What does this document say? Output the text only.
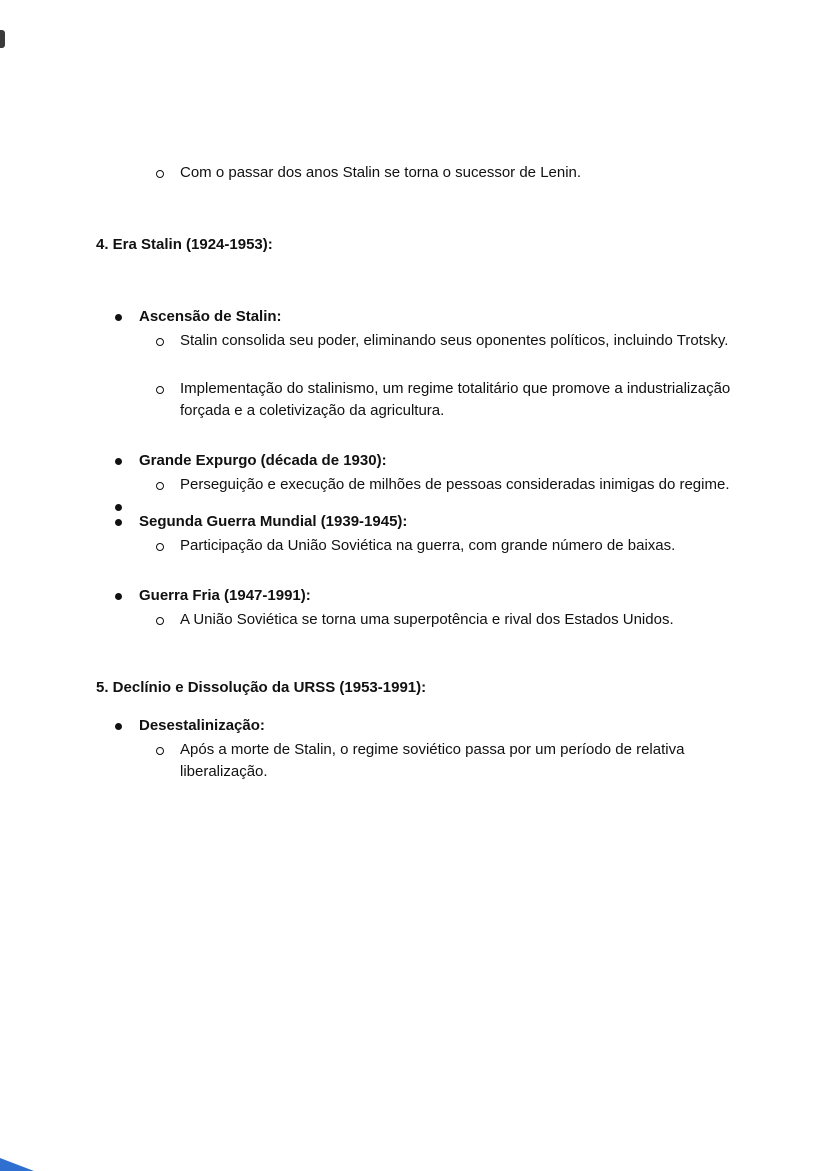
Com o passar dos anos Stalin se torna o sucessor de Lenin.
4. Era Stalin (1924-1953):
Ascensão de Stalin:
Stalin consolida seu poder, eliminando seus oponentes políticos, incluindo Trotsky.
Implementação do stalinismo, um regime totalitário que promove a industrialização forçada e a coletivização da agricultura.
Grande Expurgo (década de 1930):
Perseguição e execução de milhões de pessoas consideradas inimigas do regime.
Segunda Guerra Mundial (1939-1945):
Participação da União Soviética na guerra, com grande número de baixas.
Guerra Fria (1947-1991):
A União Soviética se torna uma superpotência e rival dos Estados Unidos.
5. Declínio e Dissolução da URSS (1953-1991):
Desestalinização:
Após a morte de Stalin, o regime soviético passa por um período de relativa liberalização.
